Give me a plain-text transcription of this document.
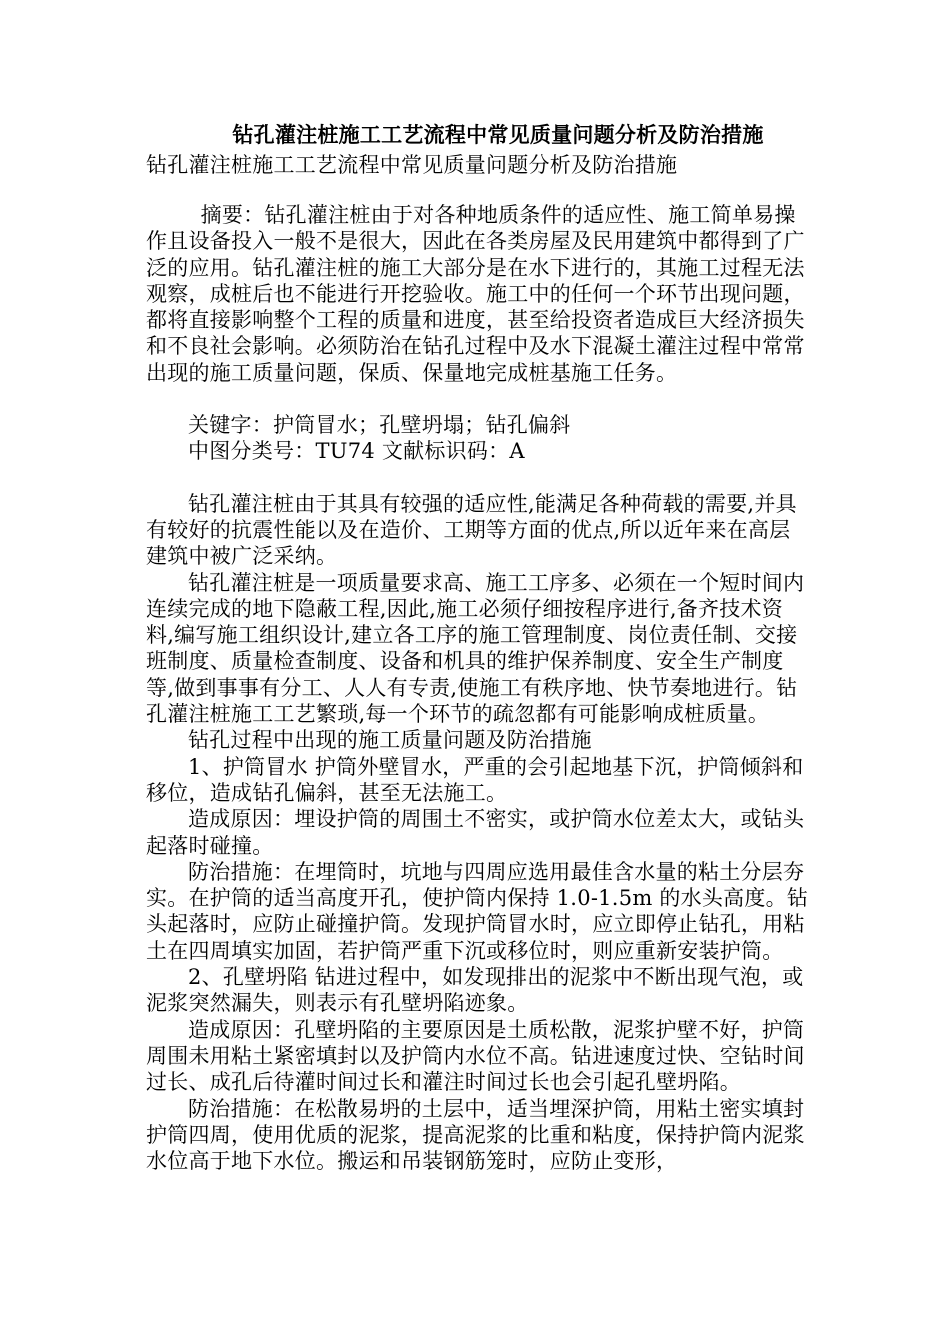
钻孔灌注桩施工工艺流程中常见质量问题分析及防治措施
钻孔灌注桩施工工艺流程中常见质量问题分析及防治措施

摘要：钻孔灌注桩由于对各种地质条件的适应性、施工简单易操作且设备投入一般不是很大，因此在各类房屋及民用建筑中都得到了广泛的应用。钻孔灌注桩的施工大部分是在水下进行的，其施工过程无法观察，成桩后也不能进行开挖验收。施工中的任何一个环节出现问题，都将直接影响整个工程的质量和进度，甚至给投资者造成巨大经济损失和不良社会影响。必须防治在钻孔过程中及水下混凝土灌注过程中常常出现的施工质量问题，保质、保量地完成桩基施工任务。

关键字：护筒冒水；孔壁坍塌；钻孔偏斜

中图分类号：TU74 文献标识码：A

钻孔灌注桩由于其具有较强的适应性,能满足各种荷载的需要,并具有较好的抗震性能以及在造价、工期等方面的优点,所以近年来在高层建筑中被广泛采纳。

钻孔灌注桩是一项质量要求高、施工工序多、必须在一个短时间内连续完成的地下隐蔽工程,因此,施工必须仔细按程序进行,备齐技术资料,编写施工组织设计,建立各工序的施工管理制度、岗位责任制、交接班制度、质量检查制度、设备和机具的维护保养制度、安全生产制度等,做到事事有分工、人人有专责,使施工有秩序地、快节奏地进行。钻孔灌注桩施工工艺繁琐,每一个环节的疏忽都有可能影响成桩质量。

钻孔过程中出现的施工质量问题及防治措施

1、护筒冒水 护筒外壁冒水，严重的会引起地基下沉，护筒倾斜和移位，造成钻孔偏斜，甚至无法施工。

造成原因：埋设护筒的周围土不密实，或护筒水位差太大，或钻头起落时碰撞。

防治措施：在埋筒时，坑地与四周应选用最佳含水量的粘土分层夯实。在护筒的适当高度开孔，使护筒内保持 1.0-1.5m 的水头高度。钻头起落时，应防止碰撞护筒。发现护筒冒水时，应立即停止钻孔，用粘土在四周填实加固，若护筒严重下沉或移位时，则应重新安装护筒。

2、孔壁坍陷 钻进过程中，如发现排出的泥浆中不断出现气泡，或泥浆突然漏失，则表示有孔壁坍陷迹象。

造成原因：孔壁坍陷的主要原因是土质松散，泥浆护壁不好，护筒周围未用粘土紧密填封以及护筒内水位不高。钻进速度过快、空钻时间过长、成孔后待灌时间过长和灌注时间过长也会引起孔壁坍陷。

防治措施：在松散易坍的土层中，适当埋深护筒，用粘土密实填封护筒四周，使用优质的泥浆，提高泥浆的比重和粘度，保持护筒内泥浆水位高于地下水位。搬运和吊装钢筋笼时，应防止变形，
